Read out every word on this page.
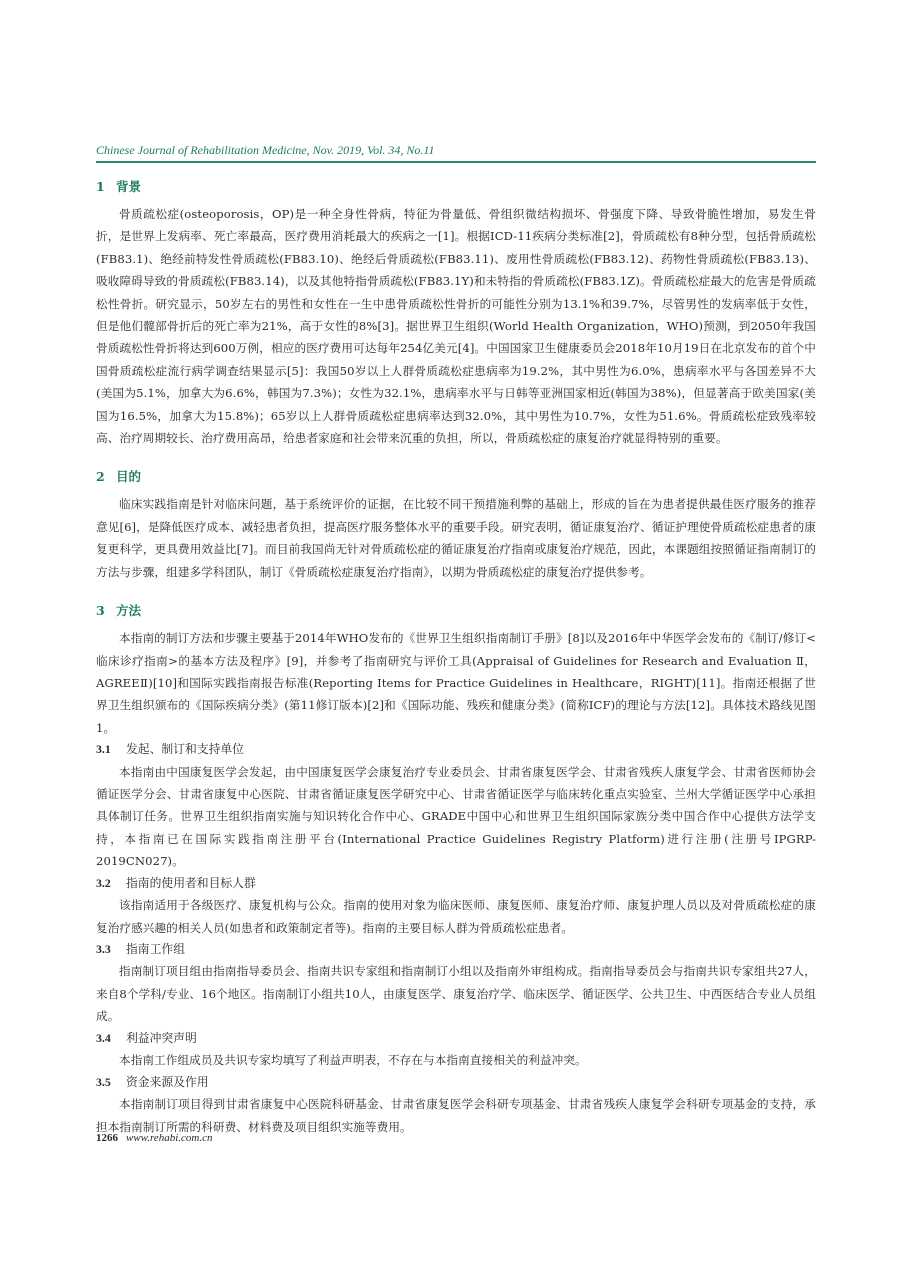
Chinese Journal of Rehabilitation Medicine, Nov. 2019, Vol. 34, No.11
1 背景

骨质疏松症(osteoporosis，OP)是一种全身性骨病，特征为骨量低、骨组织微结构损坏、骨强度下降、导致骨脆性增加，易发生骨折，是世界上发病率、死亡率最高，医疗费用消耗最大的疾病之一[1]。根据ICD-11疾病分类标准[2]，骨质疏松有8种分型，包括骨质疏松(FB83.1)、绝经前特发性骨质疏松(FB83.10)、绝经后骨质疏松(FB83.11)、废用性骨质疏松(FB83.12)、药物性骨质疏松(FB83.13)、吸收障碍导致的骨质疏松(FB83.14)，以及其他特指骨质疏松(FB83.1Y)和未特指的骨质疏松(FB83.1Z)。骨质疏松症最大的危害是骨质疏松性骨折。研究显示，50岁左右的男性和女性在一生中患骨质疏松性骨折的可能性分别为13.1%和39.7%，尽管男性的发病率低于女性，但是他们髋部骨折后的死亡率为21%，高于女性的8%[3]。据世界卫生组织(World Health Organization，WHO)预测，到2050年我国骨质疏松性骨折将达到600万例，相应的医疗费用可达每年254亿美元[4]。中国国家卫生健康委员会2018年10月19日在北京发布的首个中国骨质疏松症流行病学调查结果显示[5]：我国50岁以上人群骨质疏松症患病率为19.2%，其中男性为6.0%，患病率水平与各国差异不大(美国为5.1%，加拿大为6.6%，韩国为7.3%)；女性为32.1%，患病率水平与日韩等亚洲国家相近(韩国为38%)，但显著高于欧美国家(美国为16.5%，加拿大为15.8%)；65岁以上人群骨质疏松症患病率达到32.0%，其中男性为10.7%，女性为51.6%。骨质疏松症致残率较高、治疗周期较长、治疗费用高昂，给患者家庭和社会带来沉重的负担，所以，骨质疏松症的康复治疗就显得特别的重要。

2 目的

临床实践指南是针对临床问题，基于系统评价的证据，在比较不同干预措施利弊的基础上，形成的旨在为患者提供最佳医疗服务的推荐意见[6]，是降低医疗成本、减轻患者负担，提高医疗服务整体水平的重要手段。研究表明，循证康复治疗、循证护理使骨质疏松症患者的康复更科学，更具费用效益比[7]。而目前我国尚无针对骨质疏松症的循证康复治疗指南或康复治疗规范，因此，本课题组按照循证指南制订的方法与步骤，组建多学科团队，制订《骨质疏松症康复治疗指南》，以期为骨质疏松症的康复治疗提供参考。

3 方法

本指南的制订方法和步骤主要基于2014年WHO发布的《世界卫生组织指南制订手册》[8]以及2016年中华医学会发布的《制订/修订<临床诊疗指南>的基本方法及程序》[9]，并参考了指南研究与评价工具(Appraisal of Guidelines for Research and Evaluation Ⅱ，AGREEⅡ)[10]和国际实践指南报告标准(Reporting Items for Practice Guidelines in Healthcare，RIGHT)[11]。指南还根据了世界卫生组织颁布的《国际疾病分类》(第11修订版本)[2]和《国际功能、残疾和健康分类》(简称ICF)的理论与方法[12]。具体技术路线见图1。

3.1 发起、制订和支持单位

本指南由中国康复医学会发起，由中国康复医学会康复治疗专业委员会、甘肃省康复医学会、甘肃省残疾人康复学会、甘肃省医师协会循证医学分会、甘肃省康复中心医院、甘肃省循证康复医学研究中心、甘肃省循证医学与临床转化重点实验室、兰州大学循证医学中心承担具体制订任务。世界卫生组织指南实施与知识转化合作中心、GRADE中国中心和世界卫生组织国际家族分类中国合作中心提供方法学支持，本指南已在国际实践指南注册平台(International Practice Guidelines Registry Platform)进行注册(注册号IPGRP-2019CN027)。

3.2 指南的使用者和目标人群

该指南适用于各级医疗、康复机构与公众。指南的使用对象为临床医师、康复医师、康复治疗师、康复护理人员以及对骨质疏松症的康复治疗感兴趣的相关人员(如患者和政策制定者等)。指南的主要目标人群为骨质疏松症患者。

3.3 指南工作组

指南制订项目组由指南指导委员会、指南共识专家组和指南制订小组以及指南外审组构成。指南指导委员会与指南共识专家组共27人，来自8个学科/专业、16个地区。指南制订小组共10人，由康复医学、康复治疗学、临床医学、循证医学、公共卫生、中西医结合专业人员组成。

3.4 利益冲突声明

本指南工作组成员及共识专家均填写了利益声明表，不存在与本指南直接相关的利益冲突。

3.5 资金来源及作用

本指南制订项目得到甘肃省康复中心医院科研基金、甘肃省康复医学会科研专项基金、甘肃省残疾人康复学会科研专项基金的支持，承担本指南制订所需的科研费、材料费及项目组织实施等费用。

1266 www.rehabi.com.cn
